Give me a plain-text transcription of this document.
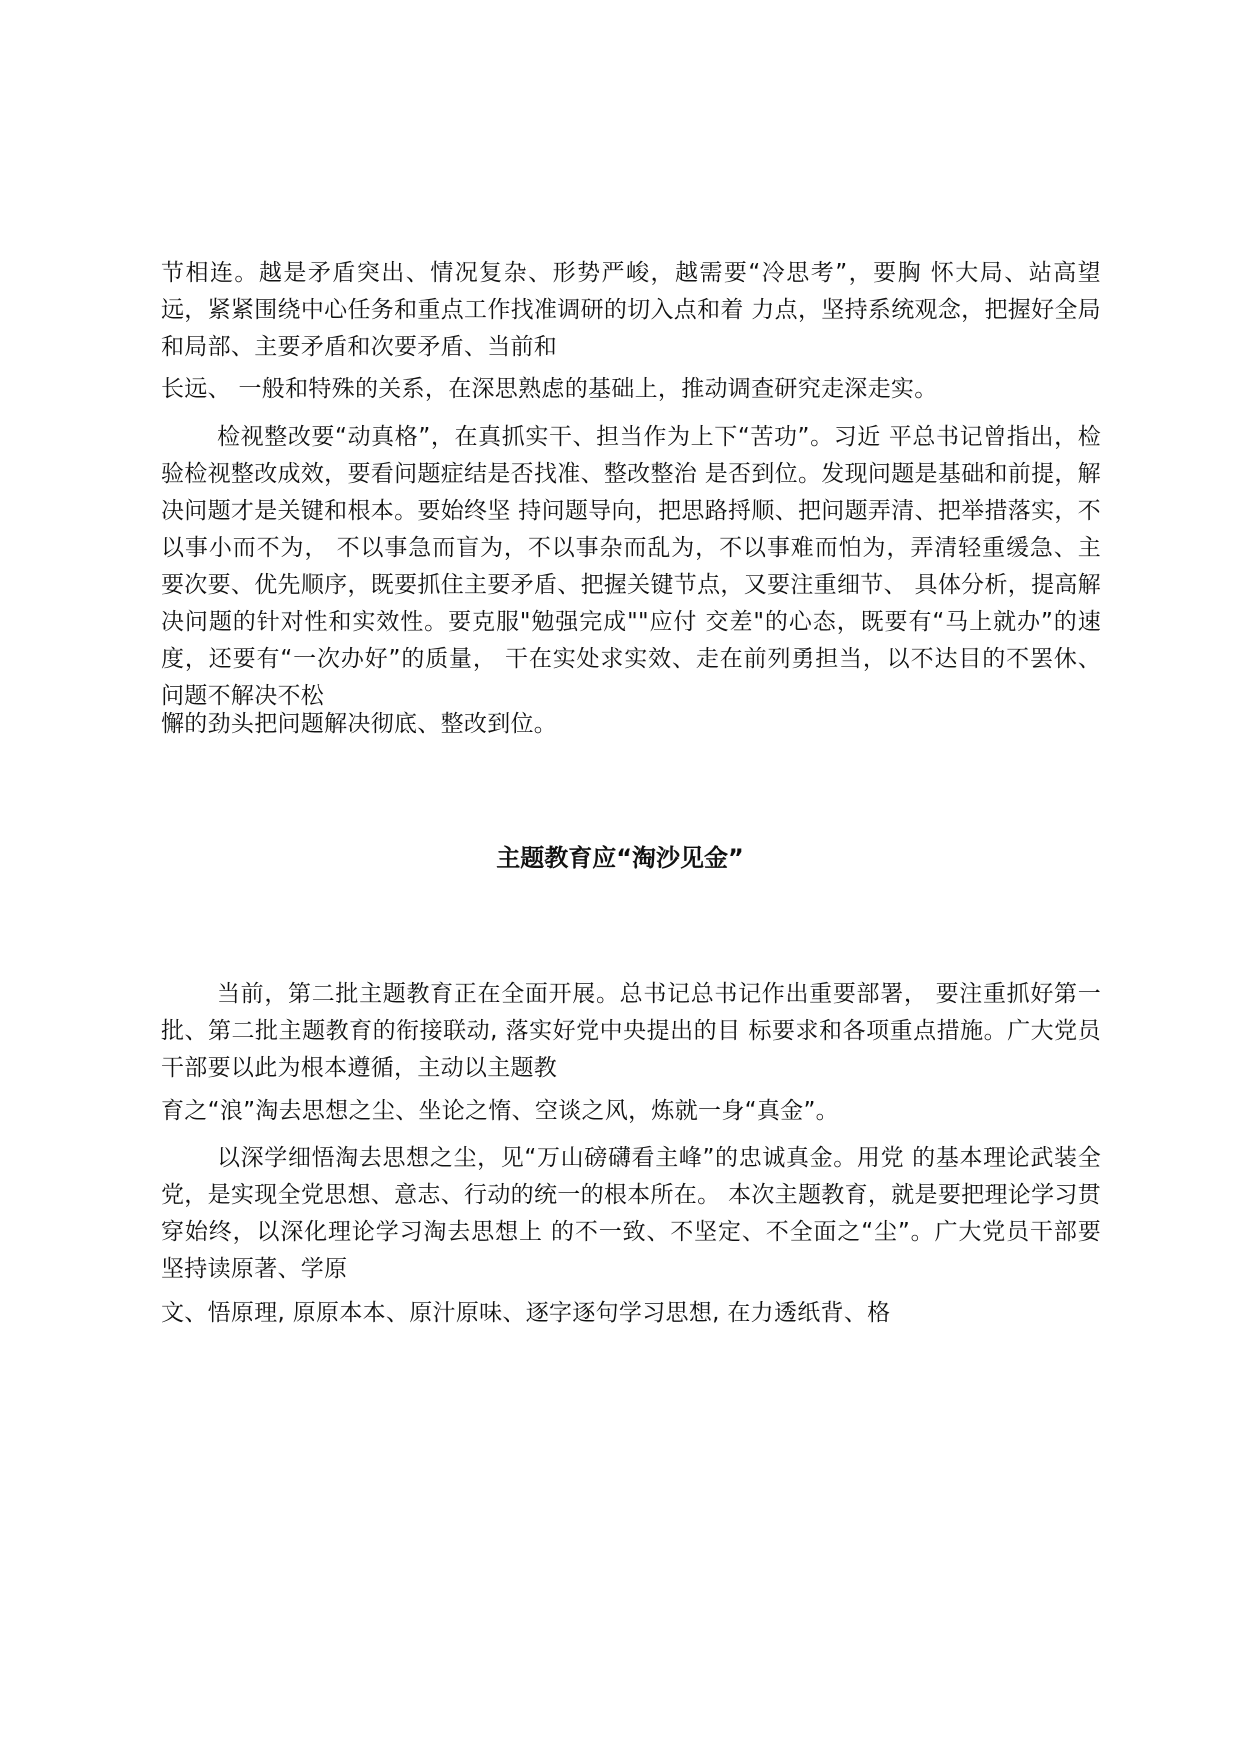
节相连。越是矛盾突出、情况复杂、形势严峻，越需要“冷思考”，要胸 怀大局、站高望远，紧紧围绕中心任务和重点工作找准调研的切入点和着 力点，坚持系统观念，把握好全局和局部、主要矛盾和次要矛盾、当前和

长远、 一般和特殊的关系，在深思熟虑的基础上，推动调查研究走深走实。

检视整改要“动真格”，在真抓实干、担当作为上下“苦功”。习近 平总书记曾指出，检验检视整改成效，要看问题症结是否找准、整改整治 是否到位。发现问题是基础和前提，解决问题才是关键和根本。要始终坚 持问题导向，把思路捋顺、把问题弄清、把举措落实，不以事小而不为， 不以事急而盲为，不以事杂而乱为，不以事难而怕为，弄清轻重缓急、主 要次要、优先顺序，既要抓住主要矛盾、把握关键节点，又要注重细节、 具体分析，提高解决问题的针对性和实效性。要克服"勉强完成""应付 交差"的心态，既要有“马上就办”的速度，还要有“一次办好”的质量， 干在实处求实效、走在前列勇担当，以不达目的不罢休、问题不解决不松

懈的劲头把问题解决彻底、整改到位。

主题教育应“淘沙见金”

当前，第二批主题教育正在全面开展。总书记总书记作出重要部署， 要注重抓好第一批、第二批主题教育的衔接联动, 落实好党中央提出的目 标要求和各项重点措施。广大党员干部要以此为根本遵循，主动以主题教

育之“浪”淘去思想之尘、坐论之惰、空谈之风，炼就一身“真金”。

以深学细悟淘去思想之尘，见“万山磅礴看主峰”的忠诚真金。用党 的基本理论武装全党，是实现全党思想、意志、行动的统一的根本所在。 本次主题教育，就是要把理论学习贯穿始终，以深化理论学习淘去思想上 的不一致、不坚定、不全面之“尘”。广大党员干部要坚持读原著、学原

文、悟原理, 原原本本、原汁原味、逐字逐句学习思想, 在力透纸背、格
